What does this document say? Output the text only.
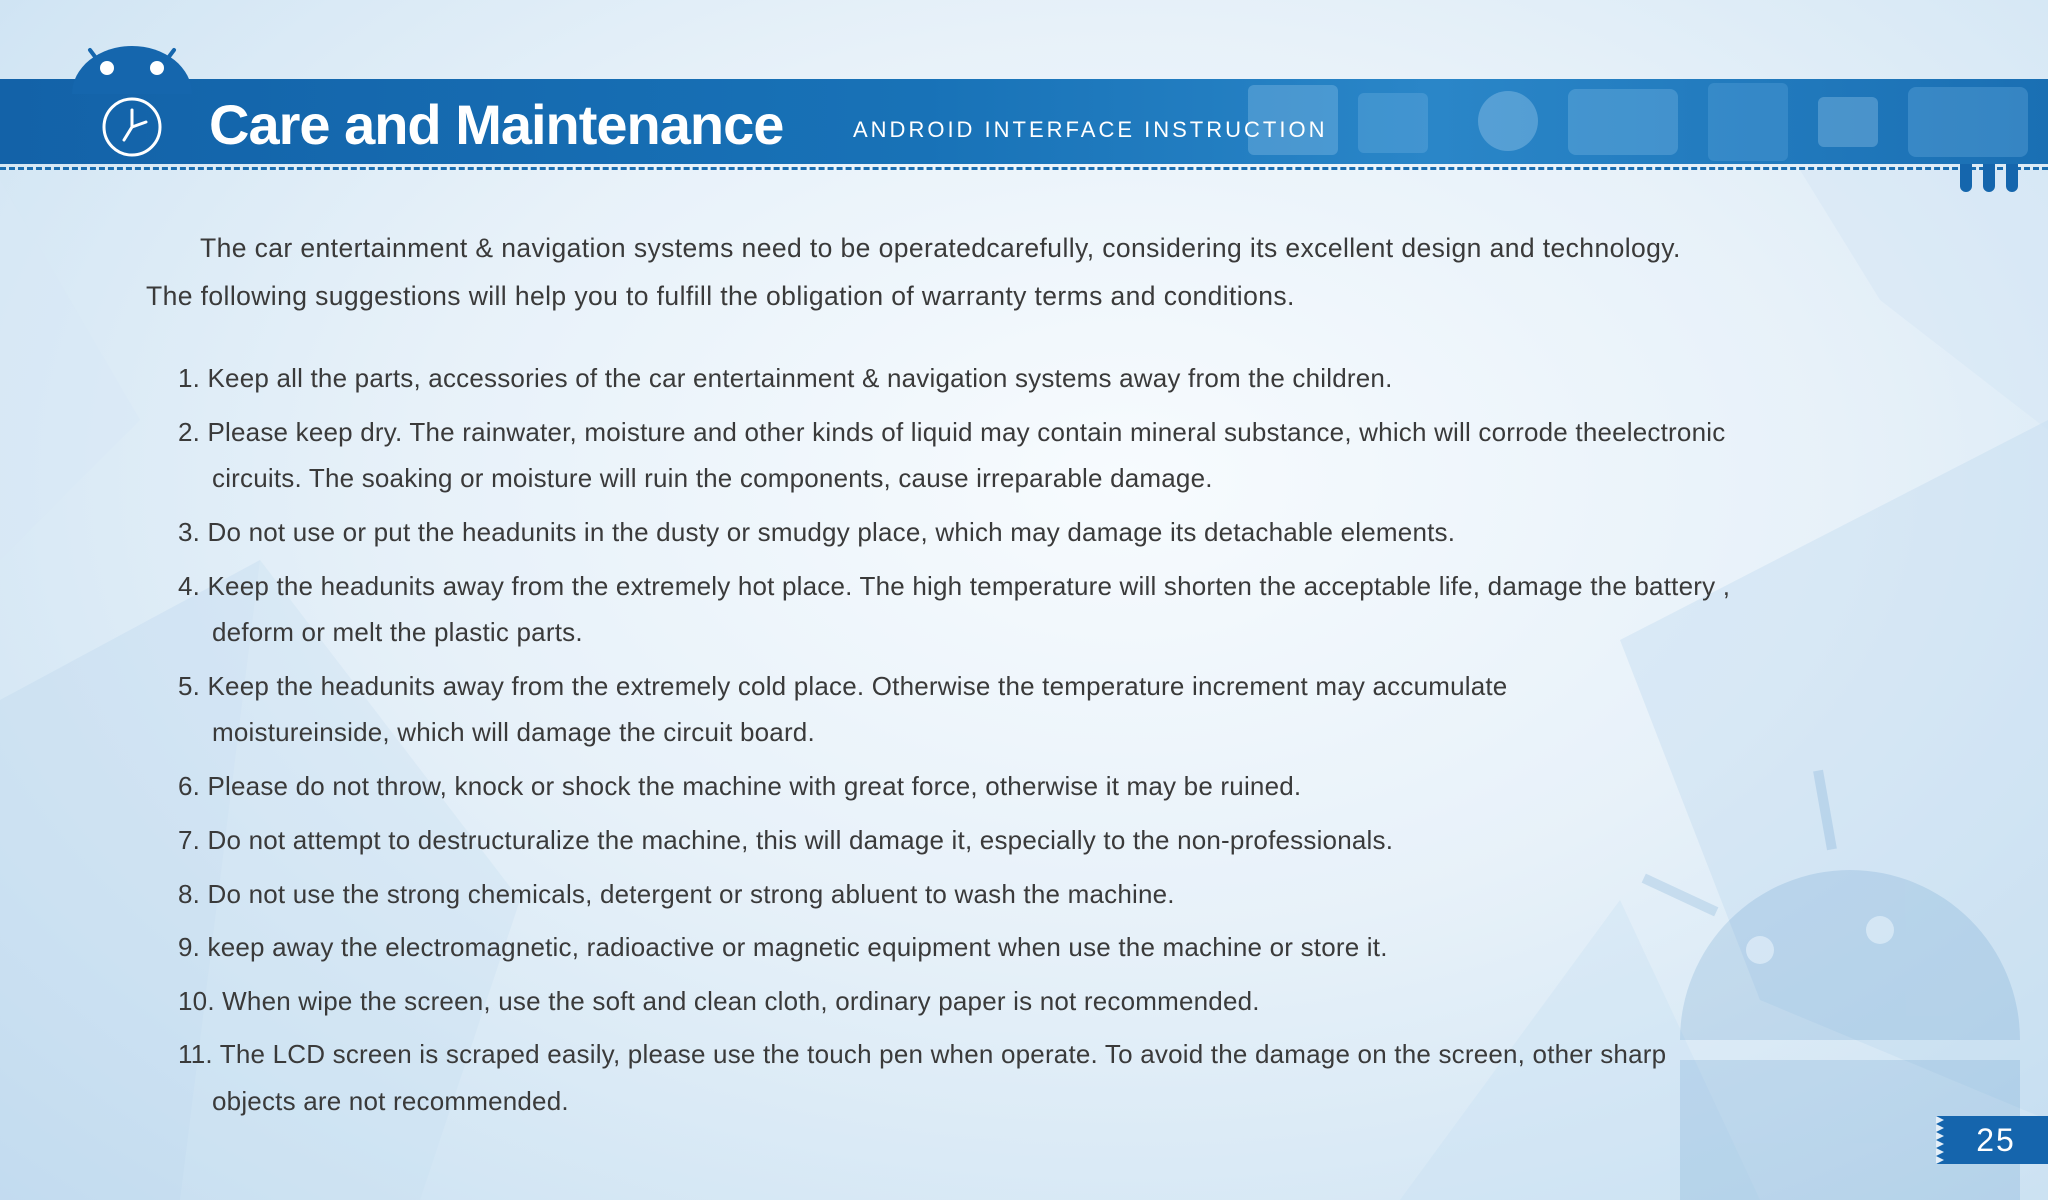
Care and Maintenance	ANDROID INTERFACE INSTRUCTION
The car entertainment & navigation systems need to be operatedcarefully, considering its excellent design and technology.
The following suggestions will help you to fulfill the obligation of warranty terms and conditions.
1. Keep all the parts, accessories of the car entertainment & navigation systems away from the children.
2. Please keep dry. The rainwater, moisture and other kinds of liquid may contain mineral substance, which will corrode theelectronic
circuits. The soaking or moisture will ruin the components, cause irreparable damage.
3. Do not use or put the headunits in the dusty or smudgy place, which may damage its detachable elements.
4. Keep the headunits away from the extremely hot place. The high temperature will shorten the acceptable life, damage the battery ,
deform or melt the plastic parts.
5. Keep the headunits away from the extremely cold place. Otherwise the temperature increment may accumulate
moistureinside, which will damage the circuit board.
6. Please do not throw, knock or shock the machine with great force, otherwise it may be ruined.
7. Do not attempt to destructuralize the machine, this will damage it, especially to the non-professionals.
8. Do not use the strong chemicals, detergent or strong abluent to wash the machine.
9. keep away the electromagnetic, radioactive or magnetic equipment when use the machine or store it.
10. When wipe the screen, use the soft and clean cloth, ordinary paper is not recommended.
11. The LCD screen is scraped easily, please use the touch pen when operate. To avoid the damage on the screen, other sharp
objects are not recommended.
25
